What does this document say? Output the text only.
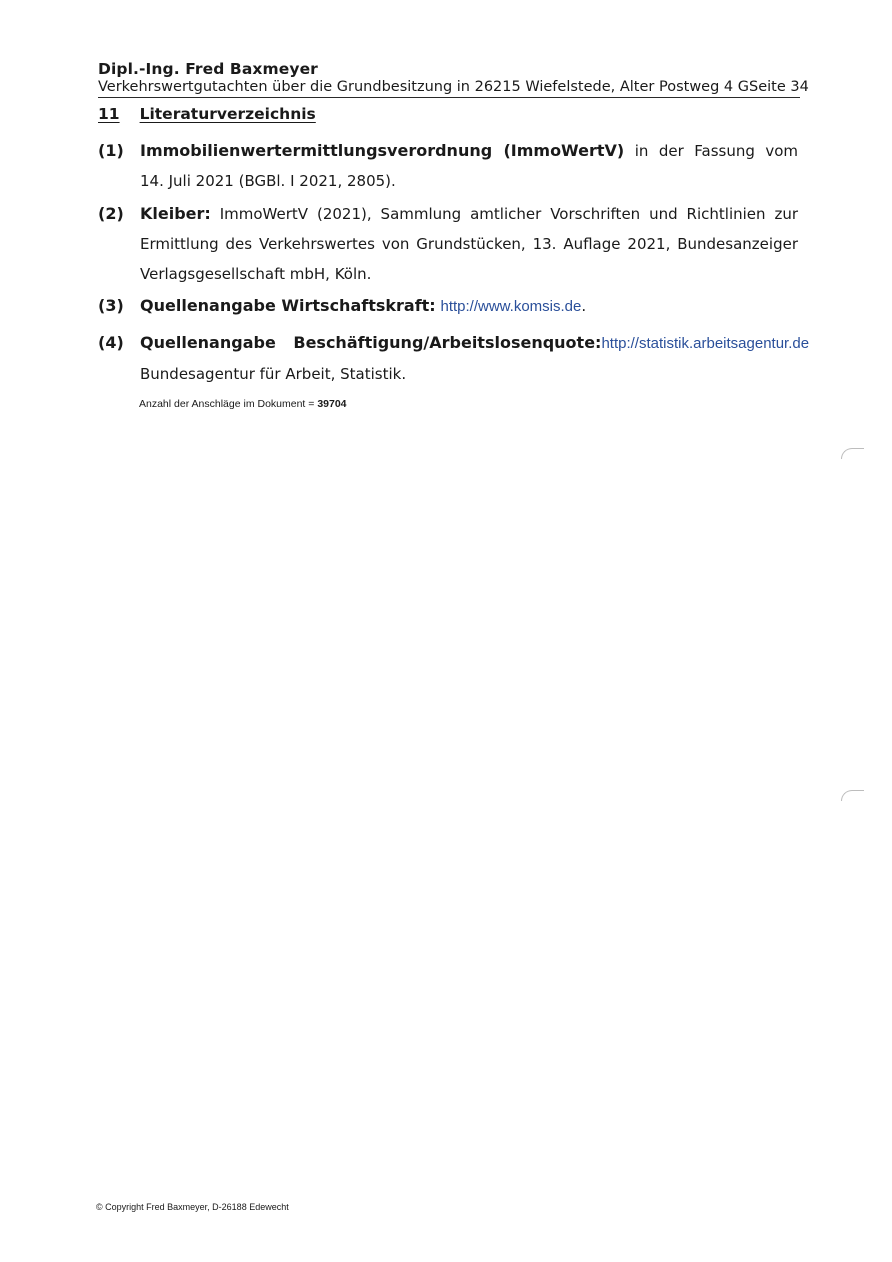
Dipl.-Ing. Fred Baxmeyer
Verkehrswertgutachten über die Grundbesitzung in 26215 Wiefelstede, Alter Postweg 4 G Seite 34
11 Literaturverzeichnis
(1) Immobilienwertermittlungsverordnung (ImmoWertV) in der Fassung vom 14. Juli 2021 (BGBl. I 2021, 2805).
(2) Kleiber: ImmoWertV (2021), Sammlung amtlicher Vorschriften und Richtlinien zur Ermittlung des Verkehrswertes von Grundstücken, 13. Auflage 2021, Bundesanzeiger Verlagsgesellschaft mbH, Köln.
(3) Quellenangabe Wirtschaftskraft: http://www.komsis.de.
(4) Quellenangabe Beschäftigung/Arbeitslosenquote: http://statistik.arbeitsagentur.de
Bundesagentur für Arbeit, Statistik.
Anzahl der Anschläge im Dokument = 39704
© Copyright Fred Baxmeyer, D-26188 Edewecht
